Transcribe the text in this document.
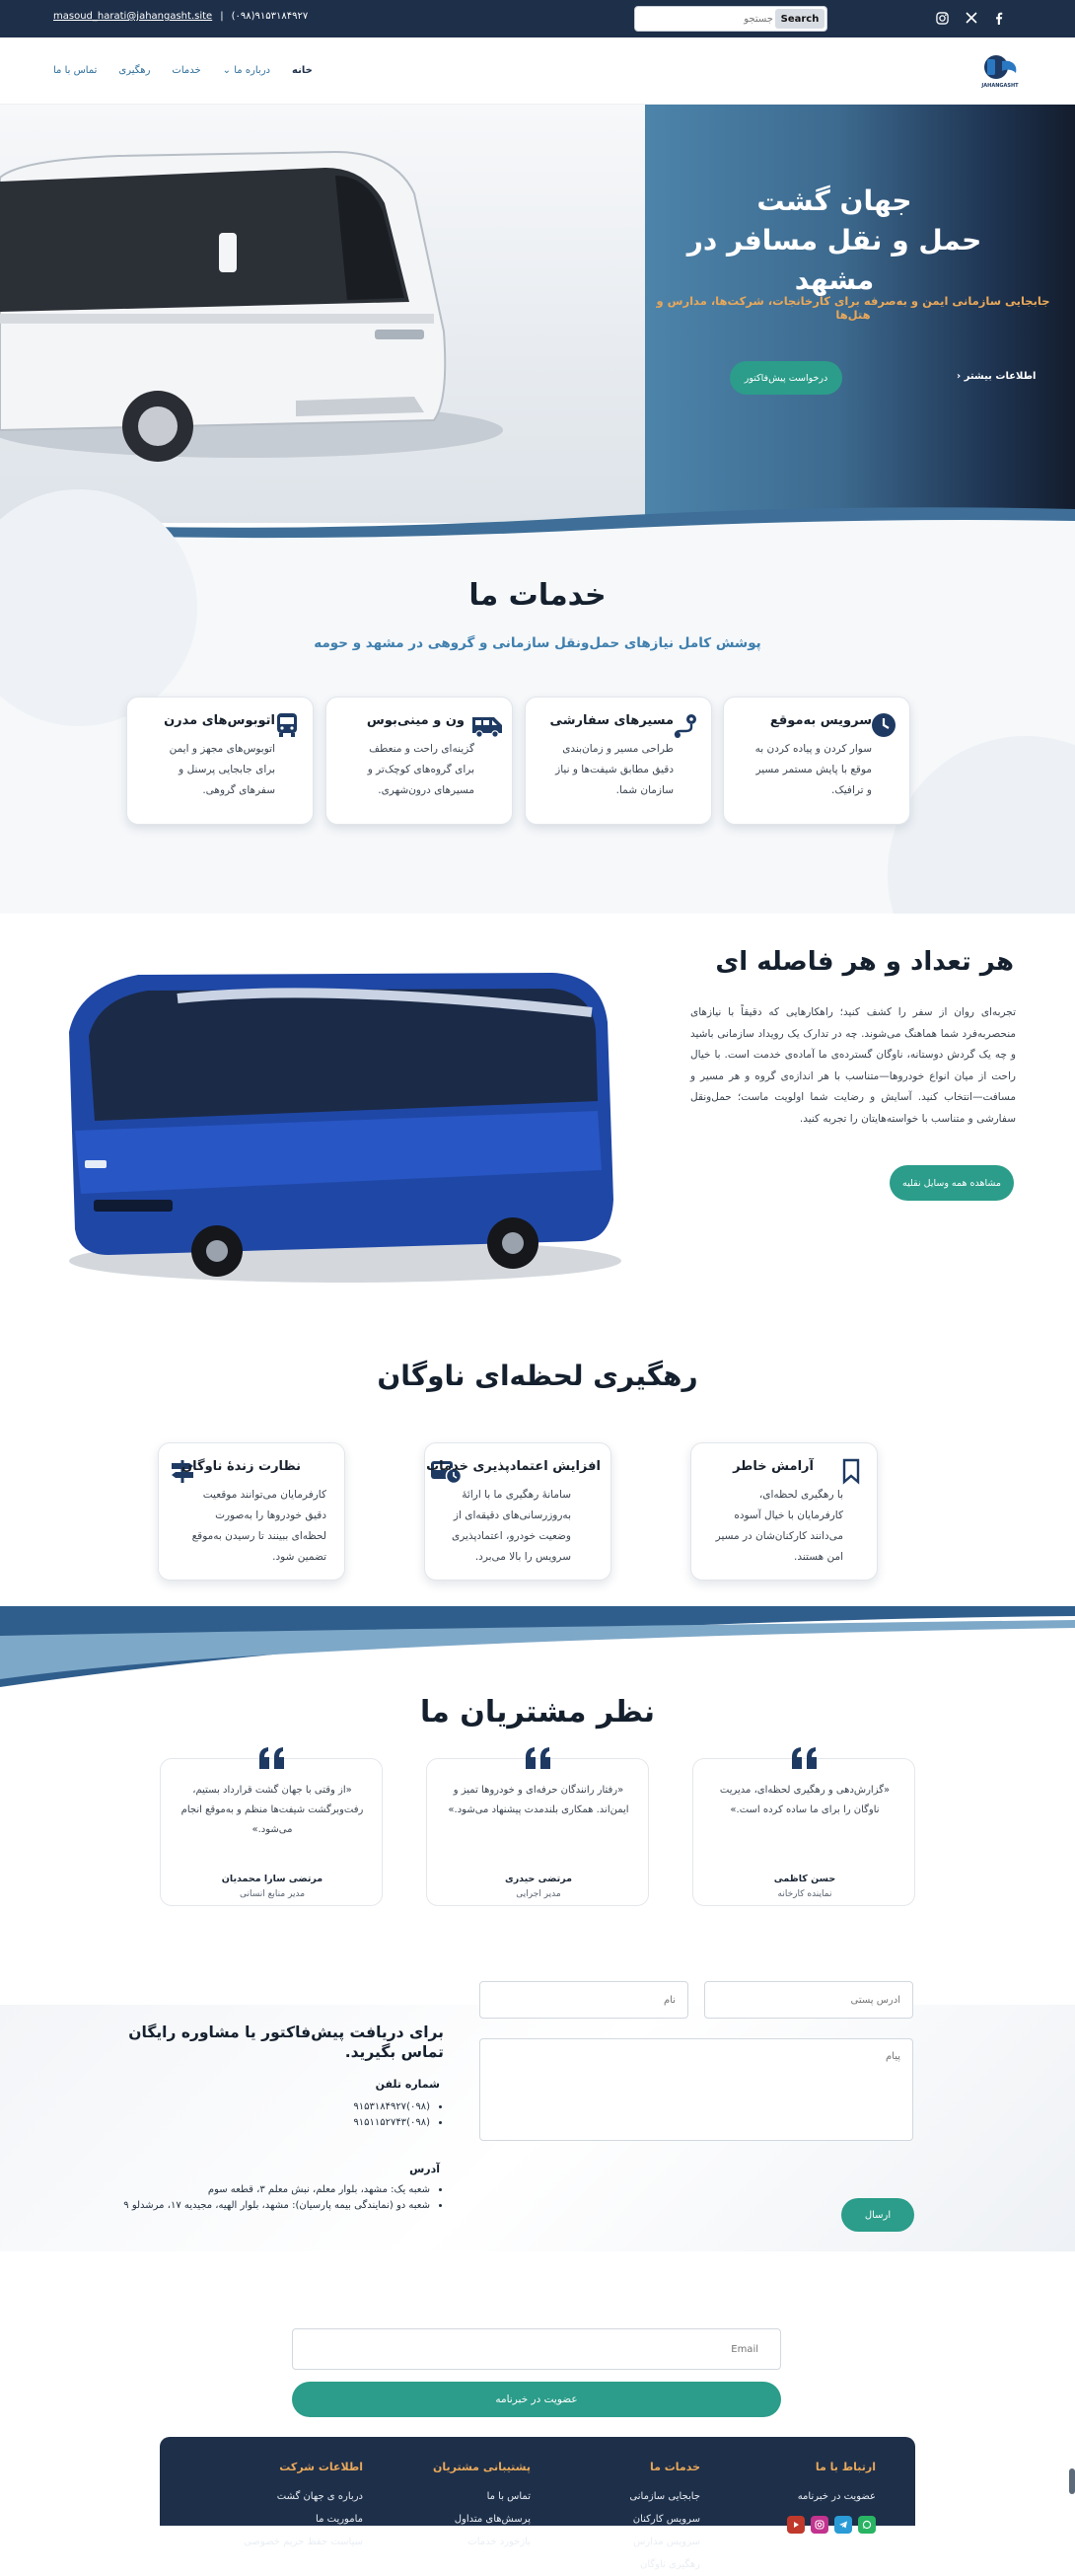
masoud_harati@jahangasht.site | (۰۹۸)۹۱۵۳۱۸۴۹۲۷
جستجو	Search
JAHANGASHT
تماس با ما رهگیری خدمات ⌄ درباره ما خانه
جهان گشت
حمل و نقل مسافر در مشهد
جابجایی سازمانی ایمن و به‌صرفه برای کارخانجات، شرکت‌ها، مدارس و هتل‌ها
اطلاعات بیشتر ‹
درخواست پیش‌فاکتور
خدمات ما
پوشش کامل نیازهای حمل‌ونقل سازمانی و گروهی در مشهد و حومه
سرویس به‌موقع
سوار کردن و پیاده کردن به موقع با پایش مستمر مسیر و ترافیک.
مسیرهای سفارشی
طراحی مسیر و زمان‌بندی دقیق مطابق شیفت‌ها و نیاز سازمان شما.
ون و مینی‌بوس
گزینه‌ای راحت و منعطف برای گروه‌های کوچک‌تر و مسیرهای درون‌شهری.
اتوبوس‌های مدرن
اتوبوس‌های مجهز و ایمن برای جابجایی پرسنل و سفرهای گروهی.
هر تعداد و هر فاصله ای

تجربه‌ای روان از سفر را کشف کنید؛ راهکارهایی که دقیقاً با نیازهای منحصربه‌فرد شما هماهنگ می‌شوند. چه در تدارک یک رویداد سازمانی باشید و چه یک گردش دوستانه، ناوگان گسترده‌ی ما آماده‌ی خدمت است. با خیال راحت از میان انواع خودروها—متناسب با هر اندازه‌ی گروه و هر مسیر و مسافت—انتخاب کنید. آسایش و رضایت شما اولویت ماست؛ حمل‌ونقل سفارشی و متناسب با خواسته‌هایتان را تجربه کنید.

مشاهده همه وسایل نقلیه
رهگیری لحظه‌ای ناوگان
آرامش خاطر
با رهگیری لحظه‌ای، کارفرمایان با خیال آسوده می‌دانند کارکنان‌شان در مسیر امن هستند.
افزایش اعتمادپذیری خدمات
سامانهٔ رهگیری ما با ارائهٔ به‌روزرسانی‌های دقیقه‌ای از وضعیت خودرو، اعتمادپذیری سرویس را بالا می‌برد.
نظارت زندهٔ ناوگان
کارفرمایان می‌توانند موقعیت دقیق خودروها را به‌صورت لحظه‌ای ببینند تا رسیدن به‌موقع تضمین شود.
نظر مشتریان ما
«گزارش‌دهی و رهگیری لحظه‌ای، مدیریت ناوگان را برای ما ساده کرده است.»
حسن کاظمی
نماینده کارخانه
«رفتار رانندگان حرفه‌ای و خودروها تمیز و ایمن‌اند. همکاری بلندمدت پیشنهاد می‌شود.»
مرتضی حیدری
مدیر اجرایی
«از وقتی با جهان گشت قرارداد بستیم، رفت‌وبرگشت شیفت‌ها منظم و به‌موقع انجام می‌شود.»
مرتضی سارا محمدیان
مدیر منابع انسانی
برای دریافت پیش‌فاکتور یا مشاوره رایگان تماس بگیرید.
شماره تلفن
• (۰۹۸)۹۱۵۳۱۸۴۹۲۷
• (۰۹۸)۹۱۵۱۱۵۲۷۴۳
آدرس
• شعبه یک: مشهد، بلوار معلم، نبش معلم ۳، قطعه سوم
• شعبه دو (نمایندگی بیمه پارسیان): مشهد، بلوار الهیه، مجیدیه ۱۷، مرشدلو ۹
آدرس پستی
نام
پیام
ارسال
Email
عضویت در خبرنامه
ارتباط با ما
عضویت در خبرنامه
خدمات ما
جابجایی سازمانی
سرویس کارکنان
سرویس مدارس
رهگیری ناوگان
پشتیبانی مشتریان
تماس با ما
پرسش‌های متداول
بازخورد خدمات
اطلاعات شرکت
درباره ی جهان گشت
ماموریت ما
سیاست حفظ حریم خصوصی
